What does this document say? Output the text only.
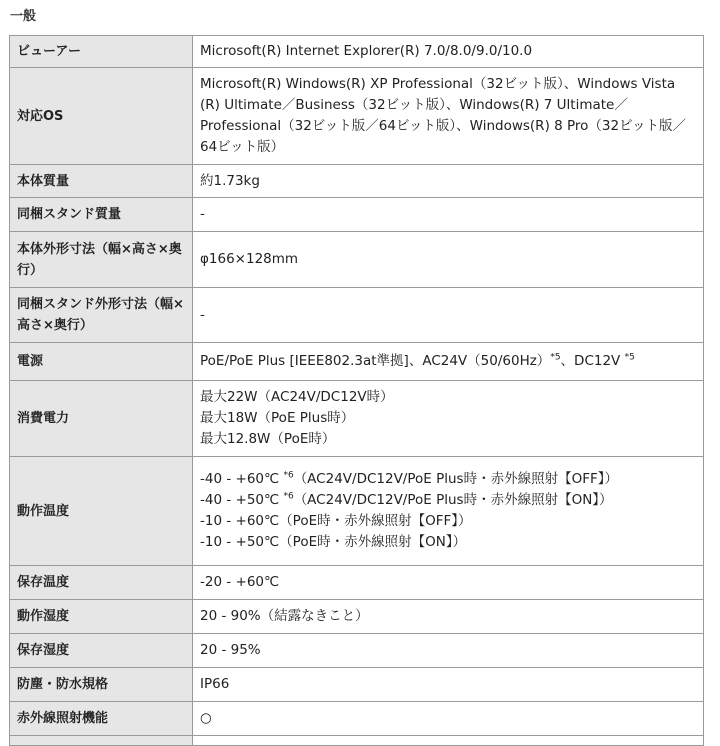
一般
ビューアー	Microsoft(R) Internet Explorer(R) 7.0/8.0/9.0/10.0

対応OS	Microsoft(R) Windows(R) XP Professional（32ビット版）、Windows Vista (R) Ultimate／Business（32ビット版）、Windows(R) 7 Ultimate／Professional（32ビット版／64ビット版）、Windows(R) 8 Pro（32ビット版／64ビット版）

本体質量	約1.73kg

同梱スタンド質量	-

本体外形寸法（幅×高さ×奥行）	φ166×128mm

同梱スタンド外形寸法（幅×高さ×奥行）	-

電源	PoE/PoE Plus [IEEE802.3at準拠]、$AC24V(50/60Hz)^{*5}$、DC12V $^{*5}$
消費電力	最大22W（AC24V/DC12V時）
最大18W（PoE Plus時）
最大12.8W（PoE時）

動作温度	-40 - +60℃ $^{*6}$（AC24V/DC12V/PoE Plus時・赤外線照射【OFF】）
-40 - +50℃ $^{*6}$（AC24V/DC12V/PoE Plus時・赤外線照射【ON】）
-10 - +60℃（PoE時・赤外線照射【OFF】）
-10 - +50℃（PoE時・赤外線照射【ON】）

保存温度	-20 - +60℃

動作湿度	20 - 90%（結露なきこと）

保存湿度	20 - 95%

防塵・防水規格	IP66

赤外線照射機能	○
